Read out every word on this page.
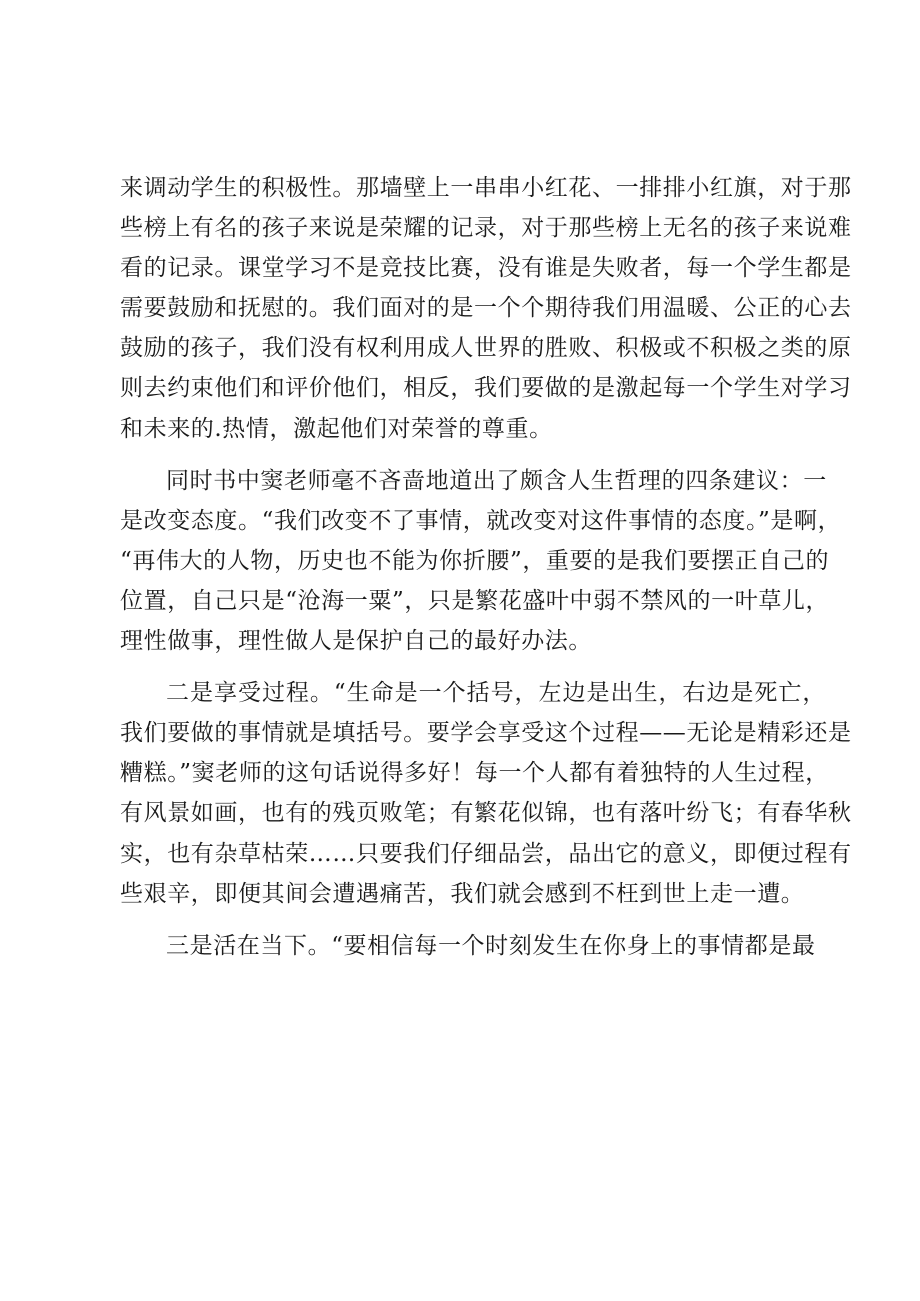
来调动学生的积极性。那墙壁上一串串小红花、一排排小红旗，对于那
些榜上有名的孩子来说是荣耀的记录，对于那些榜上无名的孩子来说难
看的记录。课堂学习不是竞技比赛，没有谁是失败者，每一个学生都是
需要鼓励和抚慰的。我们面对的是一个个期待我们用温暖、公正的心去
鼓励的孩子，我们没有权利用成人世界的胜败、积极或不积极之类的原
则去约束他们和评价他们，相反，我们要做的是激起每一个学生对学习
和未来的.热情，激起他们对荣誉的尊重。
同时书中窦老师毫不吝啬地道出了颇含人生哲理的四条建议：一
是改变态度。“我们改变不了事情，就改变对这件事情的态度。”是啊，
“再伟大的人物，历史也不能为你折腰”，重要的是我们要摆正自己的
位置，自己只是“沧海一粟”，只是繁花盛叶中弱不禁风的一叶草儿，
理性做事，理性做人是保护自己的最好办法。
二是享受过程。“生命是一个括号，左边是出生，右边是死亡，
我们要做的事情就是填括号。要学会享受这个过程——无论是精彩还是
糟糕。”窦老师的这句话说得多好！每一个人都有着独特的人生过程，
有风景如画，也有的残页败笔；有繁花似锦，也有落叶纷飞；有春华秋
实，也有杂草枯荣……只要我们仔细品尝，品出它的意义，即便过程有
些艰辛，即便其间会遭遇痛苦，我们就会感到不枉到世上走一遭。
三是活在当下。“要相信每一个时刻发生在你身上的事情都是最
